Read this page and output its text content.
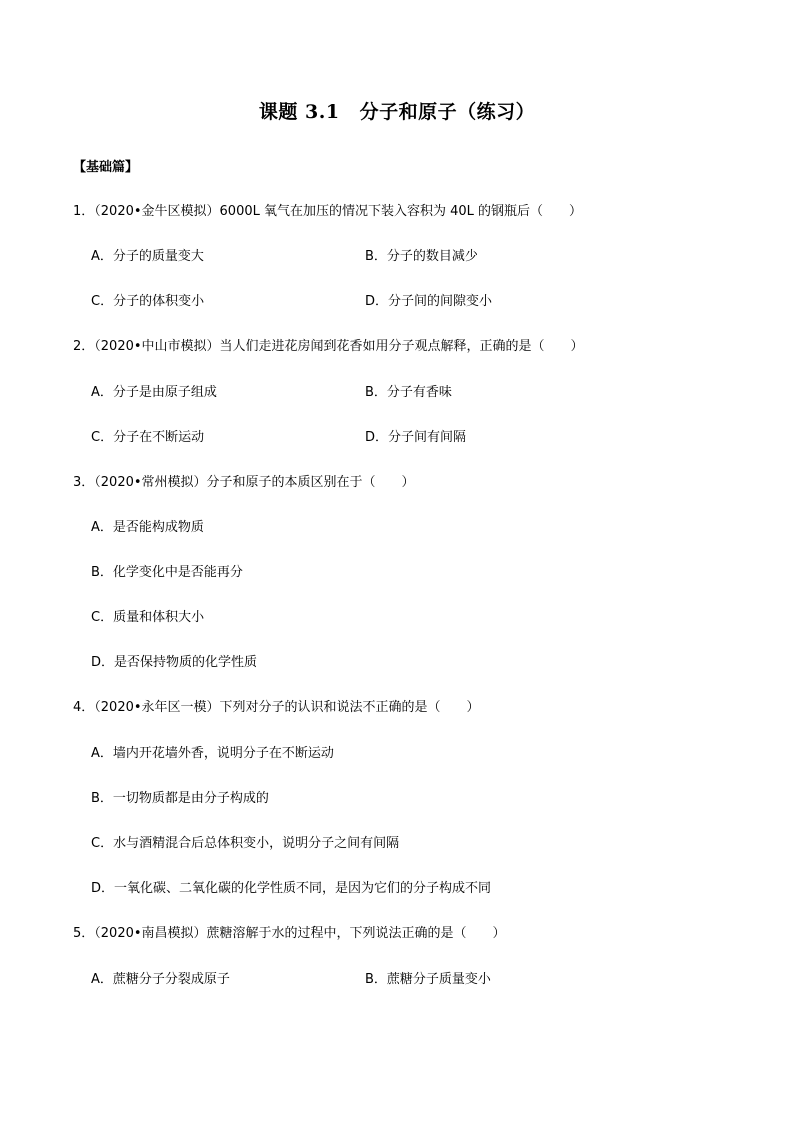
课题 3.1 分子和原子（练习）
【基础篇】
1．（2020•金牛区模拟）6000L 氧气在加压的情况下装入容积为 40L 的钢瓶后（　　）
A．分子的质量变大	B．分子的数目减少
C．分子的体积变小	D．分子间的间隙变小
2．（2020•中山市模拟）当人们走进花房闻到花香如用分子观点解释，正确的是（　　）
A．分子是由原子组成	B．分子有香味
C．分子在不断运动	D．分子间有间隔
3．（2020•常州模拟）分子和原子的本质区别在于（　　）
A．是否能构成物质
B．化学变化中是否能再分
C．质量和体积大小
D．是否保持物质的化学性质
4．（2020•永年区一模）下列对分子的认识和说法不正确的是（　　）
A．墙内开花墙外香，说明分子在不断运动
B．一切物质都是由分子构成的
C．水与酒精混合后总体积变小，说明分子之间有间隔
D．一氧化碳、二氧化碳的化学性质不同，是因为它们的分子构成不同
5．（2020•南昌模拟）蔗糖溶解于水的过程中，下列说法正确的是（　　）
A．蔗糖分子分裂成原子	B．蔗糖分子质量变小
